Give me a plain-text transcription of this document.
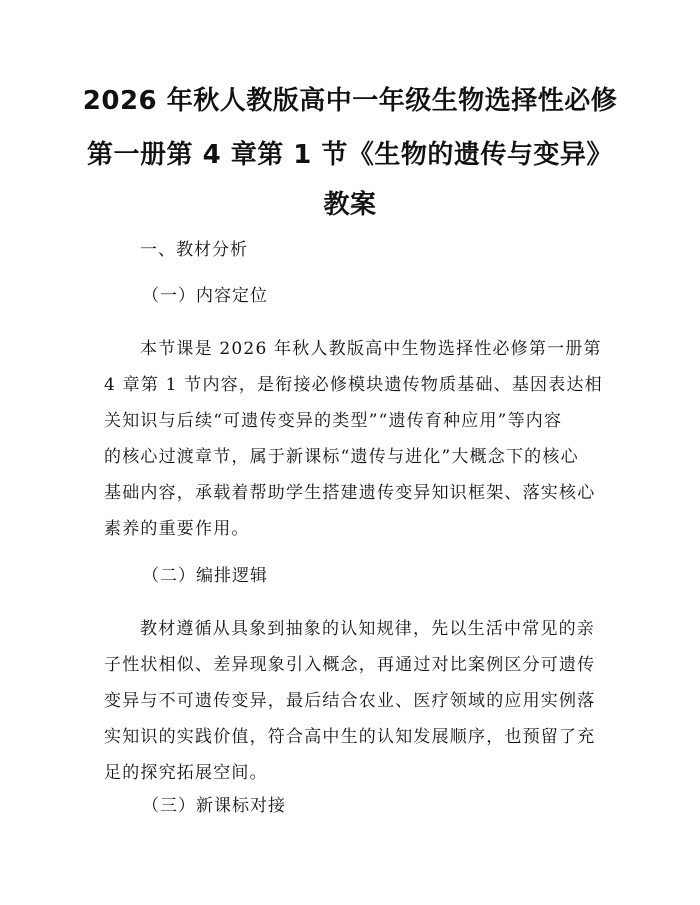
2026 年秋人教版高中一年级生物选择性必修
第一册第 4 章第 1 节《生物的遗传与变异》
教案
一、教材分析
（一）内容定位
本节课是 2026 年秋人教版高中生物选择性必修第一册第
4 章第 1 节内容，是衔接必修模块遗传物质基础、基因表达相
关知识与后续“可遗传变异的类型”“遗传育种应用”等内容
的核心过渡章节，属于新课标“遗传与进化”大概念下的核心
基础内容，承载着帮助学生搭建遗传变异知识框架、落实核心
素养的重要作用。
（二）编排逻辑
教材遵循从具象到抽象的认知规律，先以生活中常见的亲
子性状相似、差异现象引入概念，再通过对比案例区分可遗传
变异与不可遗传变异，最后结合农业、医疗领域的应用实例落
实知识的实践价值，符合高中生的认知发展顺序，也预留了充
足的探究拓展空间。
（三）新课标对接
